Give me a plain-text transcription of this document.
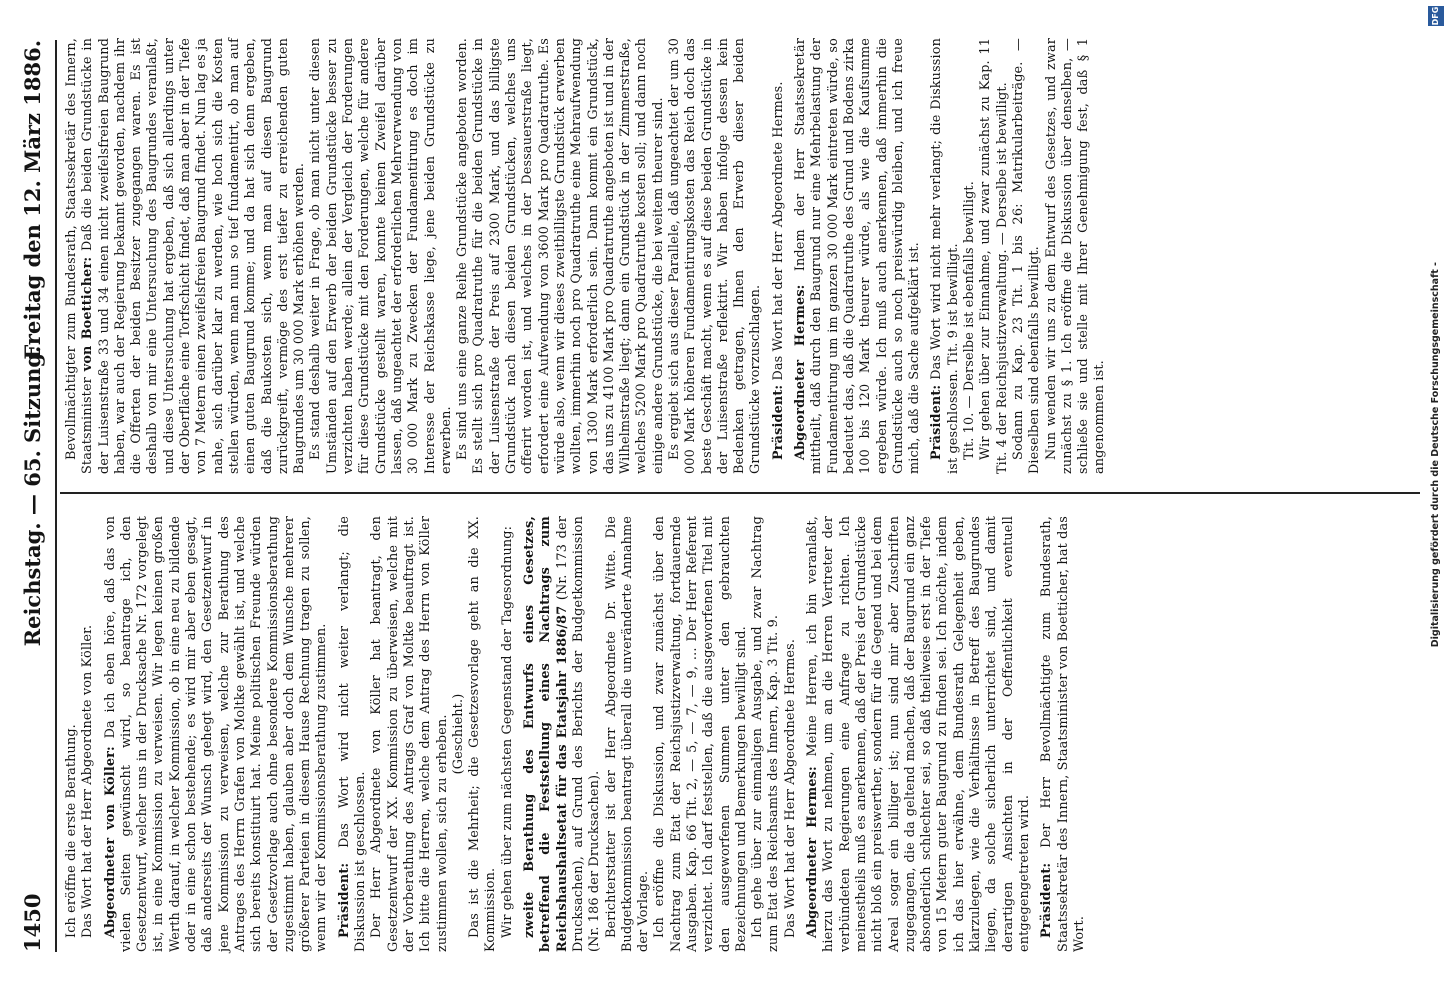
1450
Reichstag. — 65. Sitzung.
Freitag den 12. März 1886.

Ich eröffne die erste Berathung. Das Wort hat der Herr Abgeordnete von Köller. Abgeordneter von Köller: Da ich eben höre, daß das von vielen Seiten gewünscht wird, so beantrage ich, den Gesetzentwurf, welcher uns in der Drucksache Nr. 172 vorgelegt ist, in eine Kommission zu verweisen. Wir legen keinen großen Werth darauf, in welcher Kommission, ob in eine neu zu bildende oder in eine schon bestehende; es wird mir aber eben gesagt, daß anderseits der Wunsch gehegt wird, den Gesetzentwurf in jene Kommission zu verweisen, welche zur Berathung des Antrages des Herrn Grafen von Moltke gewählt ist, und welche sich bereits konstituirt hat. Meine politischen Freunde würden der Gesetzvorlage auch ohne besondere Kommissionsberathung zugestimmt haben, glauben aber doch dem Wunsche mehrerer größerer Parteien in diesem Hause Rechnung tragen zu sollen, wenn wir der Kommissionsberathung zustimmen. Präsident: Das Wort wird nicht weiter verlangt; die Diskussion ist geschlossen. Der Herr Abgeordnete von Köller hat beantragt, den Gesetzentwurf der XX. Kommission zu überweisen, welche mit der Vorberathung des Antrags Graf von Moltke beauftragt ist. Ich bitte die Herren, welche dem Antrag des Herrn von Köller zustimmen wollen, sich zu erheben. (Geschieht.) Das ist die Mehrheit; die Gesetzesvorlage geht an die XX. Kommission. Wir gehen über zum nächsten Gegenstand der Tagesordnung: zweite Berathung des Entwurfs eines Gesetzes, betreffend die Feststellung eines Nachtrags zum Reichshaushaltsetat für das Etatsjahr 1886/87 (Nr. 173 der Drucksachen), auf Grund des Berichts der Budgetkommission (Nr. 186 der Drucksachen). Berichterstatter ist der Herr Abgeordnete Dr. Witte. Die Budgetkommission beantragt überall die unveränderte Annahme der Vorlage. Ich eröffne die Diskussion, und zwar zunächst über den Nachtrag zum Etat der Reichsjustizverwaltung, fortdauernde Ausgaben. Kap. 66 Tit. 2, — 5, — 7, — 9, ... Der Herr Referent verzichtet. Ich darf feststellen, daß die ausgeworfenen Titel mit den ausgeworfenen Summen unter den gebrauchten Bezeichnungen und Bemerkungen bewilligt sind. Ich gehe über zur einmaligen Ausgabe, und zwar Nachtrag zum Etat des Reichsamts des Innern, Kap. 3 Tit. 9. Das Wort hat der Herr Abgeordnete Hermes. Abgeordneter Hermes: Meine Herren, ich bin veranlaßt, hierzu das Wort zu nehmen, um an die Herren Vertreter der verbündeten Regierungen eine Anfrage zu richten. Ich meinestheils muß es anerkennen, daß der Preis der Grundstücke nicht bloß ein preiswerther, sondern für die Gegend und bei dem Areal sogar ein billiger ist; nun sind mir aber Zuschriften zugegangen, die da geltend machen, daß der Baugrund ein ganz absonderlich schlechter sei, so daß theilweise erst in der Tiefe von 15 Metern guter Baugrund zu finden sei. Ich möchte, indem ich das hier erwähne, dem Bundesrath Gelegenheit geben, klarzulegen, wie die Verhältnisse in Betreff des Baugrundes liegen, da solche sicherlich unterrichtet sind, und damit derartigen Ansichten in der Oeffentlichkeit eventuell entgegengetreten wird. Präsident: Der Herr Bevollmächtigte zum Bundesrath, Staatssekretär des Innern, Staatsminister von Boetticher, hat das Wort.

Bevollmächtigter zum Bundesrath, Staatssekretär des Innern, Staatsminister von Boetticher: Daß die beiden Grundstücke in der Luisenstraße 33 und 34 einen nicht zweifelsfreien Baugrund haben, war auch der Regierung bekannt geworden, nachdem ihr die Offerten der beiden Besitzer zugegangen waren. Es ist deshalb von mir eine Untersuchung des Baugrundes veranlaßt, und diese Untersuchung hat ergeben, daß sich allerdings unter der Oberfläche eine Torfschicht findet, daß man aber in der Tiefe von 7 Metern einen zweifelsfreien Baugrund findet. Nun lag es ja nahe, sich darüber klar zu werden, wie hoch sich die Kosten stellen würden, wenn man nun so tief fundamentirt, ob man auf einen guten Baugrund komme; und da hat sich denn ergeben, daß die Baukosten sich, wenn man auf diesen Baugrund zurückgreift, vermöge des erst tiefer zu erreichenden guten Baugrundes um 30 000 Mark erhöhen werden. Es stand deshalb weiter in Frage, ob man nicht unter diesen Umständen auf den Erwerb der beiden Grundstücke besser zu verzichten haben werde; allein der Vergleich der Forderungen für diese Grundstücke mit den Forderungen, welche für andere Grundstücke gestellt waren, konnte keinen Zweifel darüber lassen, daß ungeachtet der erforderlichen Mehrverwendung von 30 000 Mark zu Zwecken der Fundamentirung es doch im Interesse der Reichskasse liege, jene beiden Grundstücke zu erwerben. Es sind uns eine ganze Reihe Grundstücke angeboten worden. Es stellt sich pro Quadratruthe für die beiden Grundstücke in der Luisenstraße der Preis auf 2300 Mark, und das billigste Grundstück nach diesen beiden Grundstücken, welches uns offerirt worden ist, und welches in der Dessauerstraße liegt, erfordert eine Aufwendung von 3600 Mark pro Quadratruthe. Es würde also, wenn wir dieses zweitbilligste Grundstück erwerben wollten, immerhin noch pro Quadratruthe eine Mehraufwendung von 1300 Mark erforderlich sein. Dann kommt ein Grundstück, das uns zu 4100 Mark pro Quadratruthe angeboten ist und in der Wilhelmstraße liegt; dann ein Grundstück in der Zimmerstraße, welches 5200 Mark pro Quadratruthe kosten soll; und dann noch einige andere Grundstücke, die bei weitem theurer sind. Es ergiebt sich aus dieser Parallele, daß ungeachtet der um 30 000 Mark höheren Fundamentirungskosten das Reich doch das beste Geschäft macht, wenn es auf diese beiden Grundstücke in der Luisenstraße reflektirt. Wir haben infolge dessen kein Bedenken getragen, Ihnen den Erwerb dieser beiden Grundstücke vorzuschlagen. Präsident: Das Wort hat der Herr Abgeordnete Hermes. Abgeordneter Hermes: Indem der Herr Staatssekretär mittheilt, daß durch den Baugrund nur eine Mehrbelastung der Fundamentirung um im ganzen 30 000 Mark eintreten würde, so bedeutet das, daß die Quadratruthe des Grund und Bodens zirka 100 bis 120 Mark theurer würde, als wie die Kaufsumme ergeben würde. Ich muß auch anerkennen, daß immerhin die Grundstücke auch so noch preiswürdig bleiben, und ich freue mich, daß die Sache aufgeklärt ist. Präsident: Das Wort wird nicht mehr verlangt; die Diskussion ist geschlossen. Tit. 9 ist bewilligt. Tit. 10. — Derselbe ist ebenfalls bewilligt. Wir gehen über zur Einnahme, und zwar zunächst zu Kap. 11 Tit. 4 der Reichsjustizverwaltung. — Derselbe ist bewilligt. Sodann zu Kap. 23 Tit. 1 bis 26: Matrikularbeiträge. — Dieselben sind ebenfalls bewilligt. Nun wenden wir uns zu dem Entwurf des Gesetzes, und zwar zunächst zu § 1. Ich eröffne die Diskussion über denselben, — schließe sie und stelle mit Ihrer Genehmigung fest, daß § 1 angenommen ist.	Digitalisierung gefördert durch die Deutsche Forschungsgemeinschaft -
DFG
